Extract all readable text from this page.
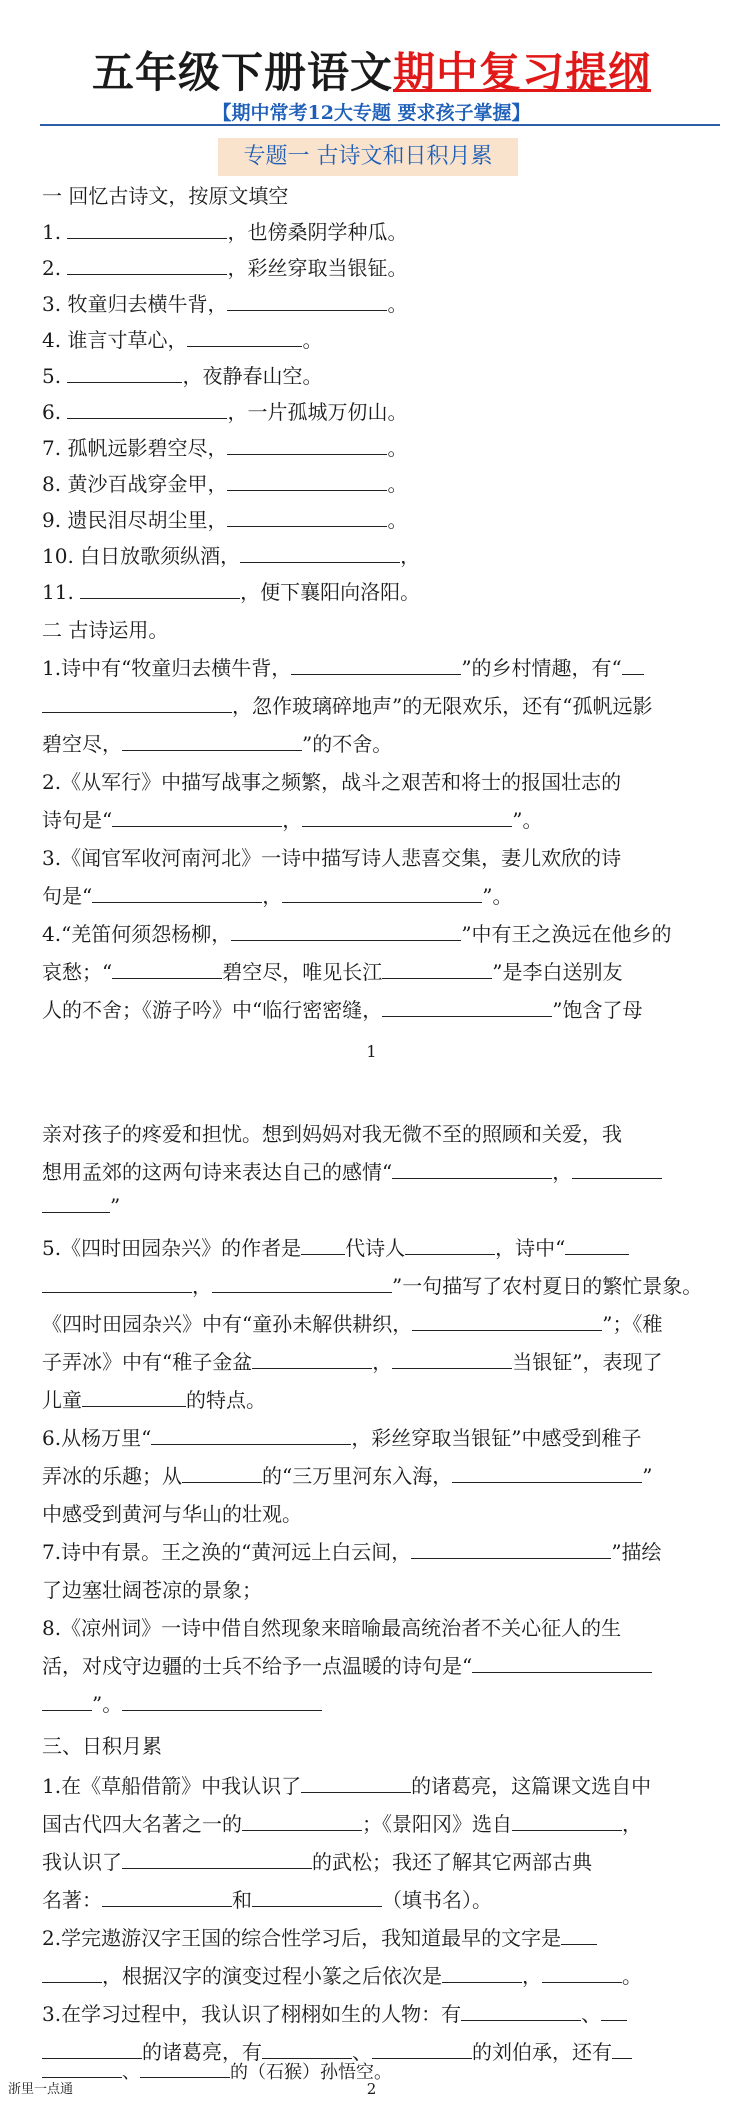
五年级下册语文期中复习提纲
【期中常考12大专题 要求孩子掌握】
专题一 古诗文和日积月累
一 回忆古诗文，按原文填空
1.	，也傍桑阴学种瓜。
2.	，彩丝穿取当银钲。
3. 牧童归去横牛背，	。
4. 谁言寸草心，	。
5.	，夜静春山空。
6.	，一片孤城万仞山。
7. 孤帆远影碧空尽，	。
8. 黄沙百战穿金甲，	。
9. 遗民泪尽胡尘里，	。
10. 白日放歌须纵酒，	，
11.	，便下襄阳向洛阳。
二 古诗运用。
1.诗中有“牧童归去横牛背，	”的乡村情趣，有“
，忽作玻璃碎地声”的无限欢乐，还有“孤帆远影
碧空尽，	”的不舍。
2.《从军行》中描写战事之频繁，战斗之艰苦和将士的报国壮志的
诗句是“	，	”。
3.《闻官军收河南河北》一诗中描写诗人悲喜交集，妻儿欢欣的诗
句是“	，	”。
4.“羌笛何须怨杨柳，	”中有王之涣远在他乡的
哀愁；“	碧空尽，唯见长江	”是李白送别友
人的不舍；《游子吟》中“临行密密缝，	”饱含了母
1
亲对孩子的疼爱和担忧。想到妈妈对我无微不至的照顾和关爱，我
想用孟郊的这两句诗来表达自己的感情“	，
”
5.《四时田园杂兴》的作者是 代诗人	，诗中“
，	”一句描写了农村夏日的繁忙景象。
《四时田园杂兴》中有“童孙未解供耕织，	”；《稚
子弄冰》中有“稚子金盆	，	当银钲”，表现了
儿童	的特点。
6.从杨万里“	，彩丝穿取当银钲”中感受到稚子
弄冰的乐趣；从	的“三万里河东入海，	”
中感受到黄河与华山的壮观。
7.诗中有景。王之涣的“黄河远上白云间，	”描绘
了边塞壮阔苍凉的景象；
8.《凉州词》一诗中借自然现象来暗喻最高统治者不关心征人的生
活，对戍守边疆的士兵不给予一点温暖的诗句是“
”。
三、日积月累
1.在《草船借箭》中我认识了	的诸葛亮，这篇课文选自中
国古代四大名著之一的	；《景阳冈》选自	，
我认识了	的武松；我还了解其它两部古典
名著：	和	（填书名）。
2.学完遨游汉字王国的综合性学习后，我知道最早的文字是
，根据汉字的演变过程小篆之后依次是	，	。
3.在学习过程中，我认识了栩栩如生的人物：有	、
的诸葛亮，有	、	的刘伯承，还有
、	的（石猴）孙悟空。
浙里一点通	2
